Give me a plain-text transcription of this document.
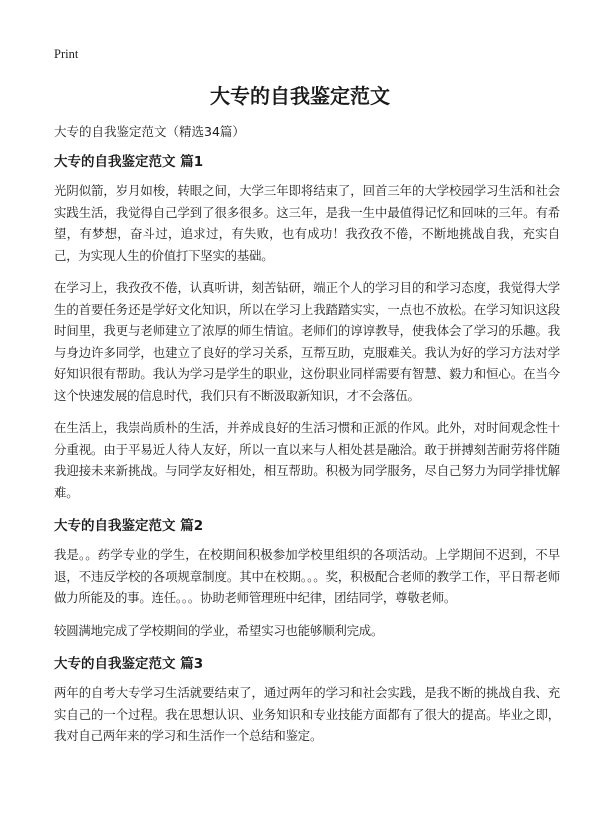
Print
大专的自我鉴定范文

大专的自我鉴定范文（精选34篇）

大专的自我鉴定范文 篇1

光阴似箭，岁月如梭，转眼之间，大学三年即将结束了，回首三年的大学校园学习生活和社会实践生活，我觉得自己学到了很多很多。这三年，是我一生中最值得记忆和回味的三年。有希望，有梦想，奋斗过，追求过，有失败，也有成功！我孜孜不倦，不断地挑战自我，充实自己，为实现人生的价值打下坚实的基础。

在学习上，我孜孜不倦，认真听讲，刻苦钻研，端正个人的学习目的和学习态度，我觉得大学生的首要任务还是学好文化知识，所以在学习上我踏踏实实，一点也不放松。在学习知识这段时间里，我更与老师建立了浓厚的师生情谊。老师们的谆谆教导，使我体会了学习的乐趣。我与身边许多同学，也建立了良好的学习关系，互帮互助，克服难关。我认为好的学习方法对学好知识很有帮助。我认为学习是学生的职业，这份职业同样需要有智慧、毅力和恒心。在当今这个快速发展的信息时代，我们只有不断汲取新知识，才不会落伍。

在生活上，我崇尚质朴的生活，并养成良好的生活习惯和正派的作风。此外，对时间观念性十分重视。由于平易近人待人友好，所以一直以来与人相处甚是融洽。敢于拼搏刻苦耐劳将伴随我迎接未来新挑战。与同学友好相处，相互帮助。积极为同学服务，尽自己努力为同学排忧解难。

大专的自我鉴定范文 篇2

我是。。药学专业的学生，在校期间积极参加学校里组织的各项活动。上学期间不迟到，不早退，不违反学校的各项规章制度。其中在校期。。。奖，积极配合老师的教学工作，平日帮老师做力所能及的事。连任。。。协助老师管理班中纪律，团结同学，尊敬老师。

较圆满地完成了学校期间的学业，希望实习也能够顺利完成。

大专的自我鉴定范文 篇3

两年的自考大专学习生活就要结束了，通过两年的学习和社会实践，是我不断的挑战自我、充实自己的一个过程。我在思想认识、业务知识和专业技能方面都有了很大的提高。毕业之即，我对自己两年来的学习和生活作一个总结和鉴定。
